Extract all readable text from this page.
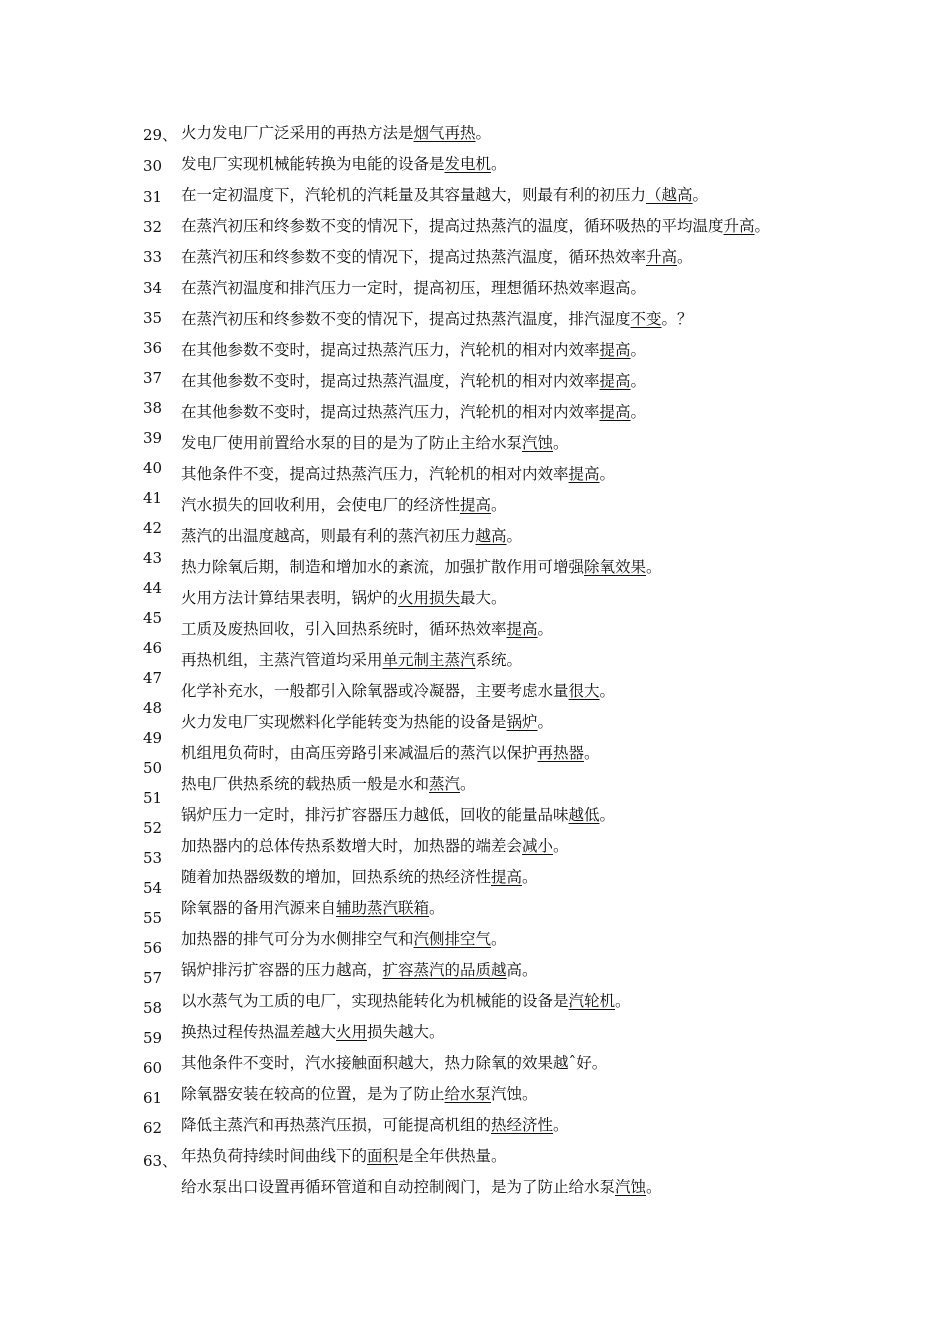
29、
30
31
32
33
34
35
36
37
38
39
40
41
42
43
44
45
46
47
48
49
50
51
52
53
54
55
56
57
58
59
60
61
62
63、
火力发电厂广泛采用的再热方法是烟气再热。
发电厂实现机械能转换为电能的设备是发电机。
在一定初温度下，汽轮机的汽耗量及其容量越大，则最有利的初压力（越高。
在蒸汽初压和终参数不变的情况下，提高过热蒸汽的温度，循环吸热的平均温度升高。
在蒸汽初压和终参数不变的情况下，提高过热蒸汽温度，循环热效率升高。
在蒸汽初温度和排汽压力一定时，提高初压，理想循环热效率遐高。
在蒸汽初压和终参数不变的情况下，提高过热蒸汽温度，排汽湿度不变。？
在其他参数不变时，提高过热蒸汽压力，汽轮机的相对内效率提高。
在其他参数不变时，提高过热蒸汽温度，汽轮机的相对内效率提高。
在其他参数不变时，提高过热蒸汽压力，汽轮机的相对内效率提高。
发电厂使用前置给水泵的目的是为了防止主给水泵汽蚀。
其他条件不变，提高过热蒸汽压力，汽轮机的相对内效率提高。
汽水损失的回收利用，会使电厂的经济性提高。
蒸汽的出温度越高，则最有利的蒸汽初压力越高。
热力除氧后期，制造和增加水的紊流，加强扩散作用可增强除氧效果。
火用方法计算结果表明，锅炉的火用损失最大。
工质及废热回收，引入回热系统时，循环热效率提高。
再热机组，主蒸汽管道均采用单元制主蒸汽系统。
化学补充水，一般都引入除氧器或冷凝器，主要考虑水量很大。
火力发电厂实现燃料化学能转变为热能的设备是锅炉。
机组甩负荷时，由高压旁路引来减温后的蒸汽以保护再热器。
热电厂供热系统的载热质一般是水和蒸汽。
锅炉压力一定时，排污扩容器压力越低，回收的能量品味越低。
加热器内的总体传热系数增大时，加热器的端差会减小。
随着加热器级数的增加，回热系统的热经济性提高。
除氧器的备用汽源来自辅助蒸汽联箱。
加热器的排气可分为水侧排空气和汽侧排空气。
锅炉排污扩容器的压力越高，扩容蒸汽的品质越高。
以水蒸气为工质的电厂，实现热能转化为机械能的设备是汽轮机。
换热过程传热温差越大火用损失越大。
其他条件不变时，汽水接触面积越大，热力除氧的效果越ˆ好。
除氧器安装在较高的位置，是为了防止给水泵汽蚀。
降低主蒸汽和再热蒸汽压损，可能提高机组的热经济性。
年热负荷持续时间曲线下的面积是全年供热量。
给水泵出口设置再循环管道和自动控制阀门，是为了防止给水泵汽蚀。
